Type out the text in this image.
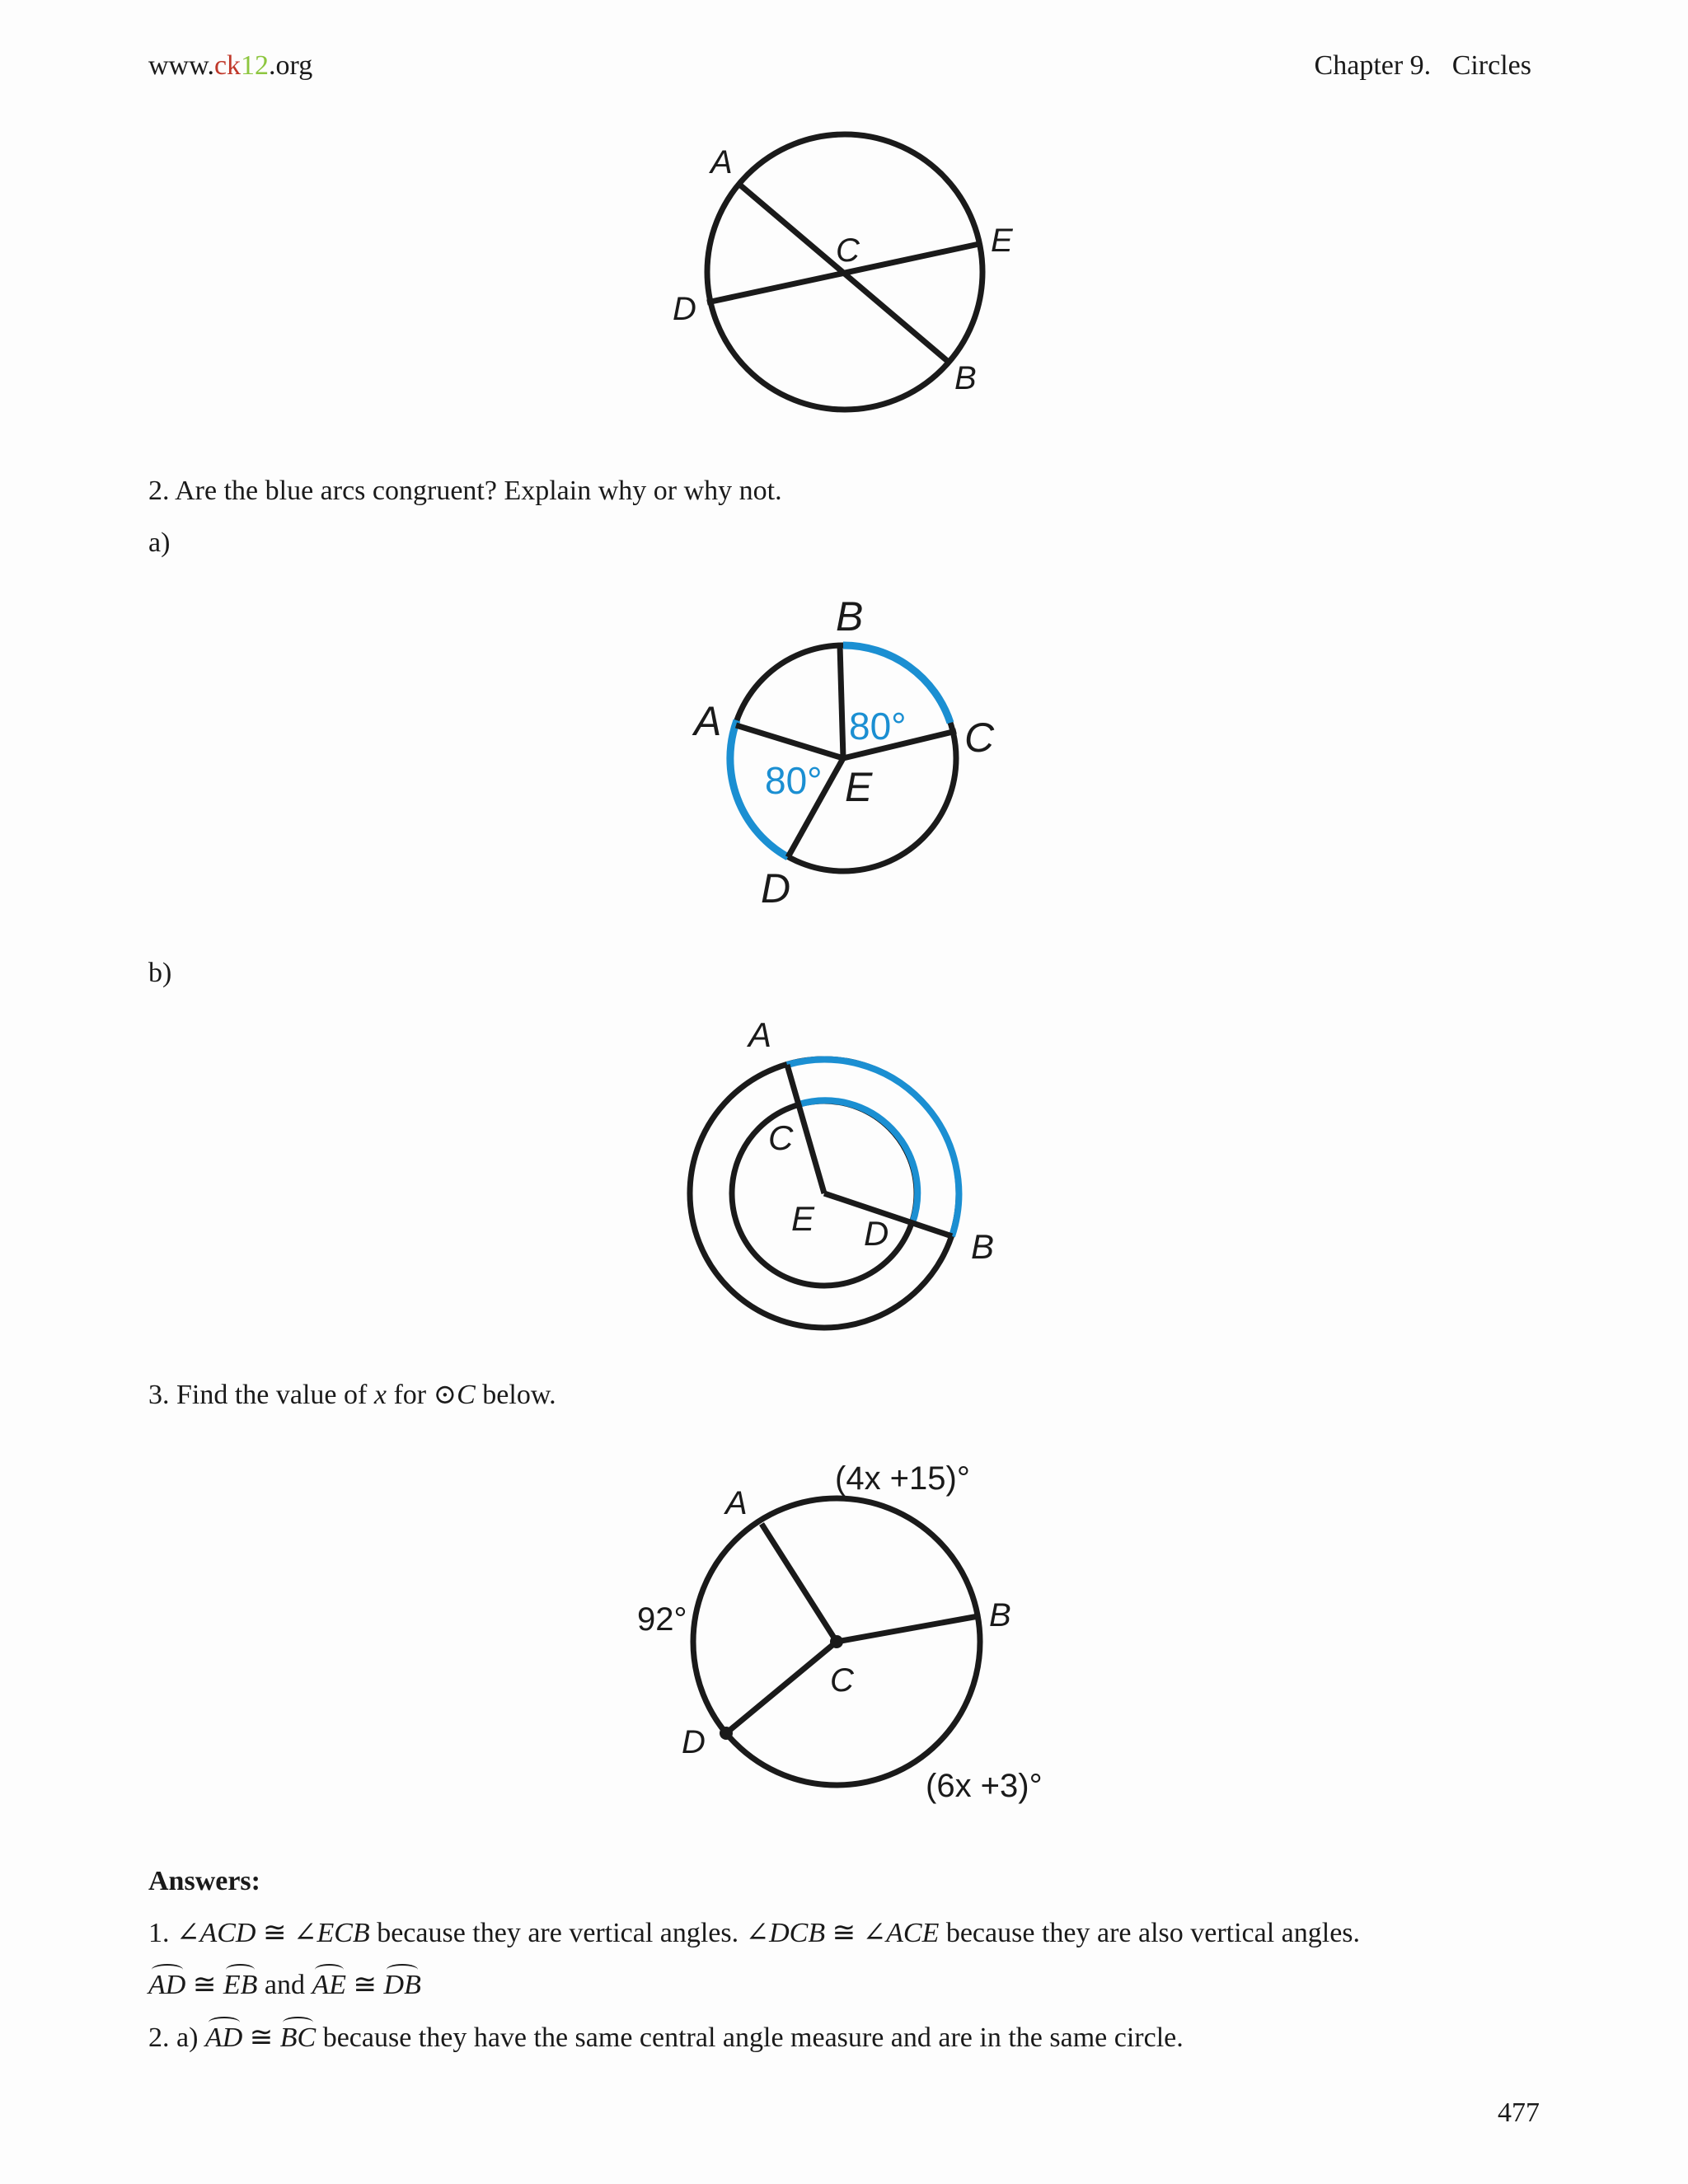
www.ck12.org	Chapter 9. Circles
A
C	E
D
B
2. Are the blue arcs congruent? Explain why or why not.
a)
B
A	C
E
D
80°
80°
b)
A
C
E D B
3. Find the value of x for ⊙C below.
A
B
C
D
(4x +15)°
92°
(6x +3)°
Answers:
1. ∠ACD ≅ ∠ECB because they are vertical angles. ∠DCB ≅ ∠ACE because they are also vertical angles.
AD ≅ EB and AE ≅ DB
2. a) AD ≅ BC because they have the same central angle measure and are in the same circle.
477
